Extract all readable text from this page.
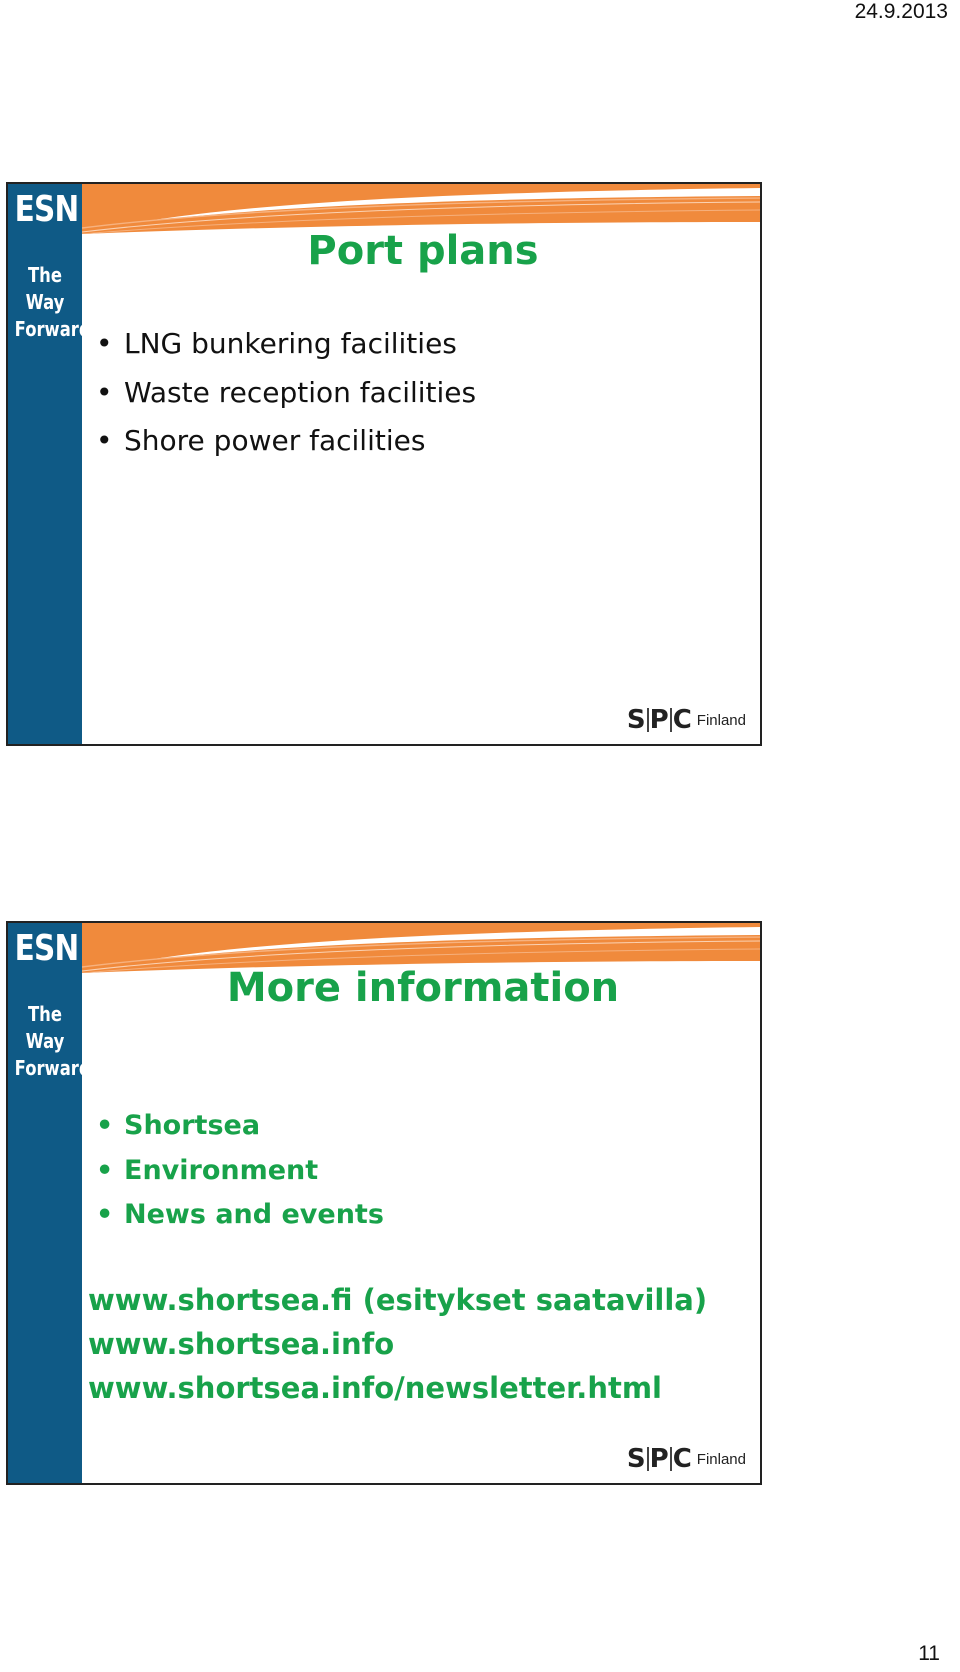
24.9.2013
ESN
The
Way
Forward
Port plans
• LNG bunkering facilities
• Waste reception facilities
• Shore power facilities
S P C Finland
ESN
The
Way
Forward
More information
• Shortsea
• Environment
• News and events
www.shortsea.fi (esitykset saatavilla)
www.shortsea.info
www.shortsea.info/newsletter.html
S P C Finland
11
